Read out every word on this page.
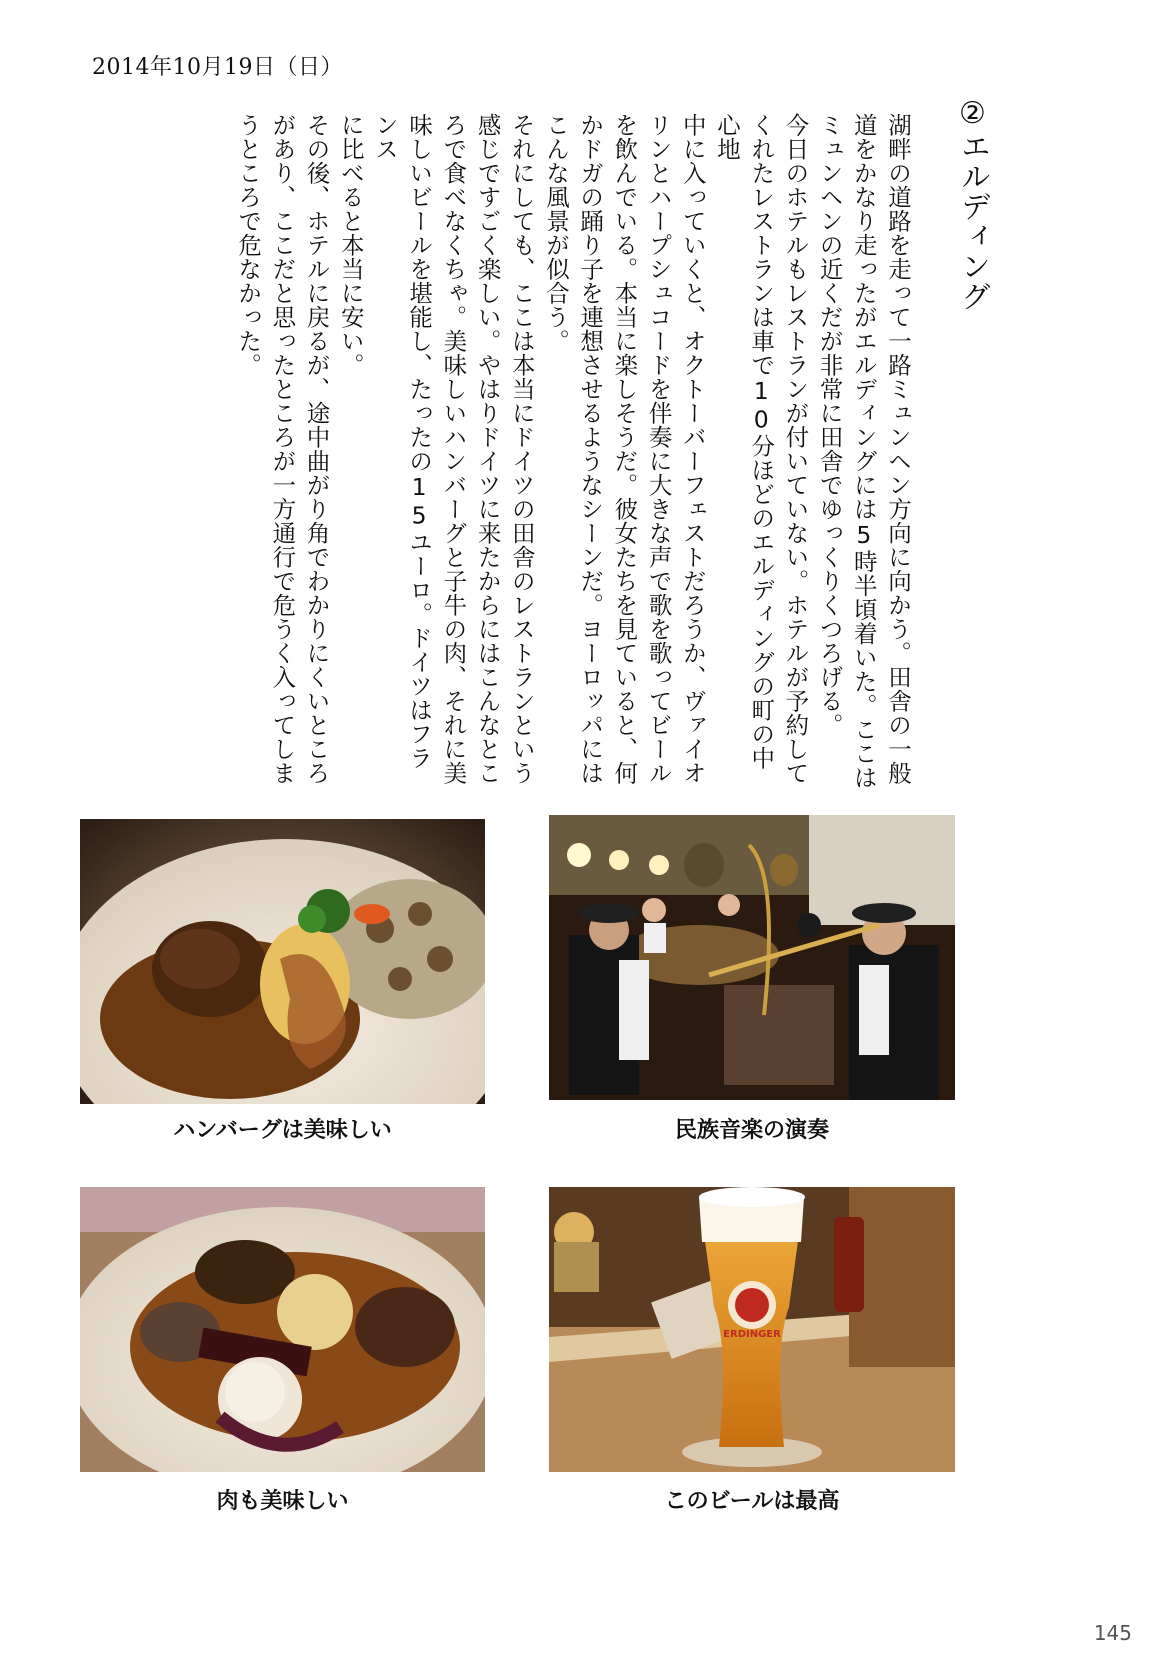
2014年10月19日（日）
②エルディング
湖畔の道路を走って一路ミュンヘン方向に向かう。田舎の一般
道をかなり走ったがエルディングには5時半頃着いた。ここは
ミュンヘンの近くだが非常に田舎でゆっくりくつろげる。
今日のホテルもレストランが付いていない。ホテルが予約して
くれたレストランは車で10分ほどのエルディングの町の中心地
中に入っていくと、オクトーバーフェストだろうか、ヴァイオ
リンとハープシュコードを伴奏に大きな声で歌を歌ってビール
を飲んでいる。本当に楽しそうだ。彼女たちを見ていると、何
かドガの踊り子を連想させるようなシーンだ。ヨーロッパには
こんな風景が似合う。
それにしても、ここは本当にドイツの田舎のレストランという
感じですごく楽しい。やはりドイツに来たからにはこんなとこ
ろで食べなくちゃ。美味しいハンバーグと子牛の肉、それに美
味しいビールを堪能し、たったの15ユーロ。ドイツはフランス
に比べると本当に安い。
その後、ホテルに戻るが、途中曲がり角でわかりにくいところ
があり、ここだと思ったところが一方通行で危うく入ってしま
うところで危なかった。
ハンバーグは美味しい	民族音楽の演奏
肉も美味しい
ERDINGER
このビールは最高
145
